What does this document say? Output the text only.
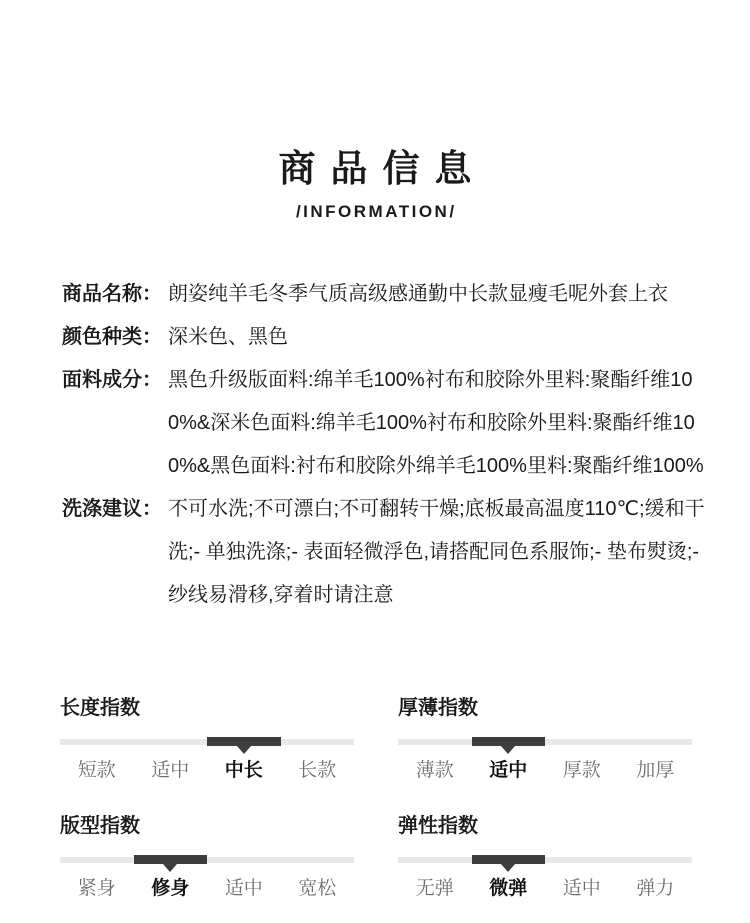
商品信息
/INFORMATION/
商品名称： 朗姿纯羊毛冬季气质高级感通勤中长款显瘦毛呢外套上衣
颜色种类： 深米色、黑色
面料成分： 黑色升级版面料:绵羊毛100%衬布和胶除外里料:聚酯纤维10
0%&深米色面料:绵羊毛100%衬布和胶除外里料:聚酯纤维10
0%&黑色面料:衬布和胶除外绵羊毛100%里料:聚酯纤维100%
洗涤建议： 不可水洗;不可漂白;不可翻转干燥;底板最高温度110℃;缓和干
洗;- 单独洗涤;- 表面轻微浮色,请搭配同色系服饰;- 垫布熨烫;-
纱线易滑移,穿着时请注意
长度指数
短款	适中	中长	长款
厚薄指数
薄款	适中	厚款	加厚
版型指数
紧身	修身	适中	宽松
弹性指数
无弹	微弹	适中	弹力
